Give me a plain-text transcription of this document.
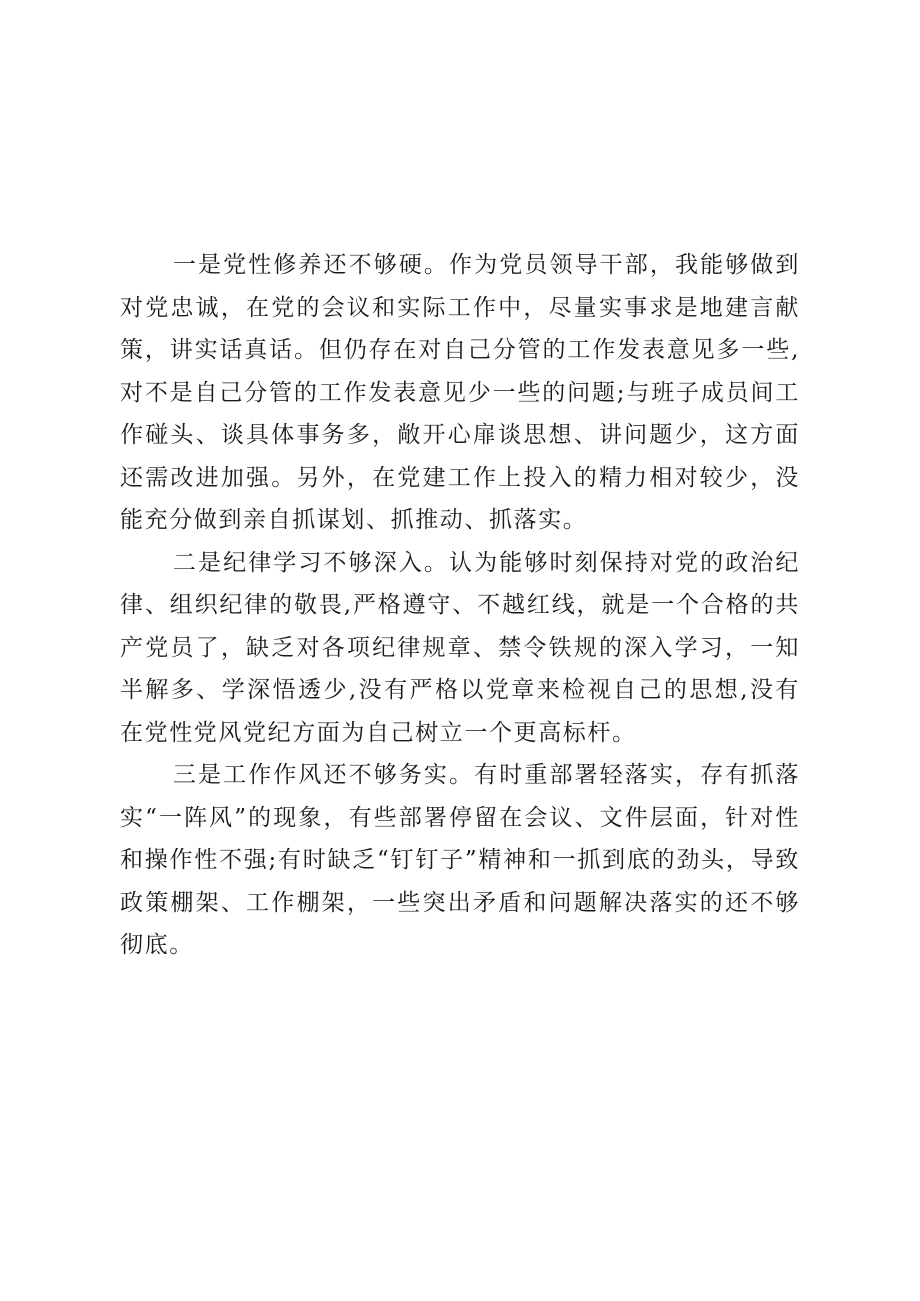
一是党性修养还不够硬。作为党员领导干部，我能够做到对党忠诚，在党的会议和实际工作中，尽量实事求是地建言献策，讲实话真话。但仍存在对自己分管的工作发表意见多一些,对不是自己分管的工作发表意见少一些的问题;与班子成员间工作碰头、谈具体事务多，敞开心扉谈思想、讲问题少，这方面还需改进加强。另外，在党建工作上投入的精力相对较少，没能充分做到亲自抓谋划、抓推动、抓落实。

二是纪律学习不够深入。认为能够时刻保持对党的政治纪律、组织纪律的敬畏,严格遵守、不越红线，就是一个合格的共产党员了，缺乏对各项纪律规章、禁令铁规的深入学习，一知半解多、学深悟透少,没有严格以党章来检视自己的思想,没有在党性党风党纪方面为自己树立一个更高标杆。

三是工作作风还不够务实。有时重部署轻落实，存有抓落实“一阵风”的现象，有些部署停留在会议、文件层面，针对性和操作性不强;有时缺乏“钉钉子”精神和一抓到底的劲头，导致政策棚架、工作棚架，一些突出矛盾和问题解决落实的还不够彻底。
